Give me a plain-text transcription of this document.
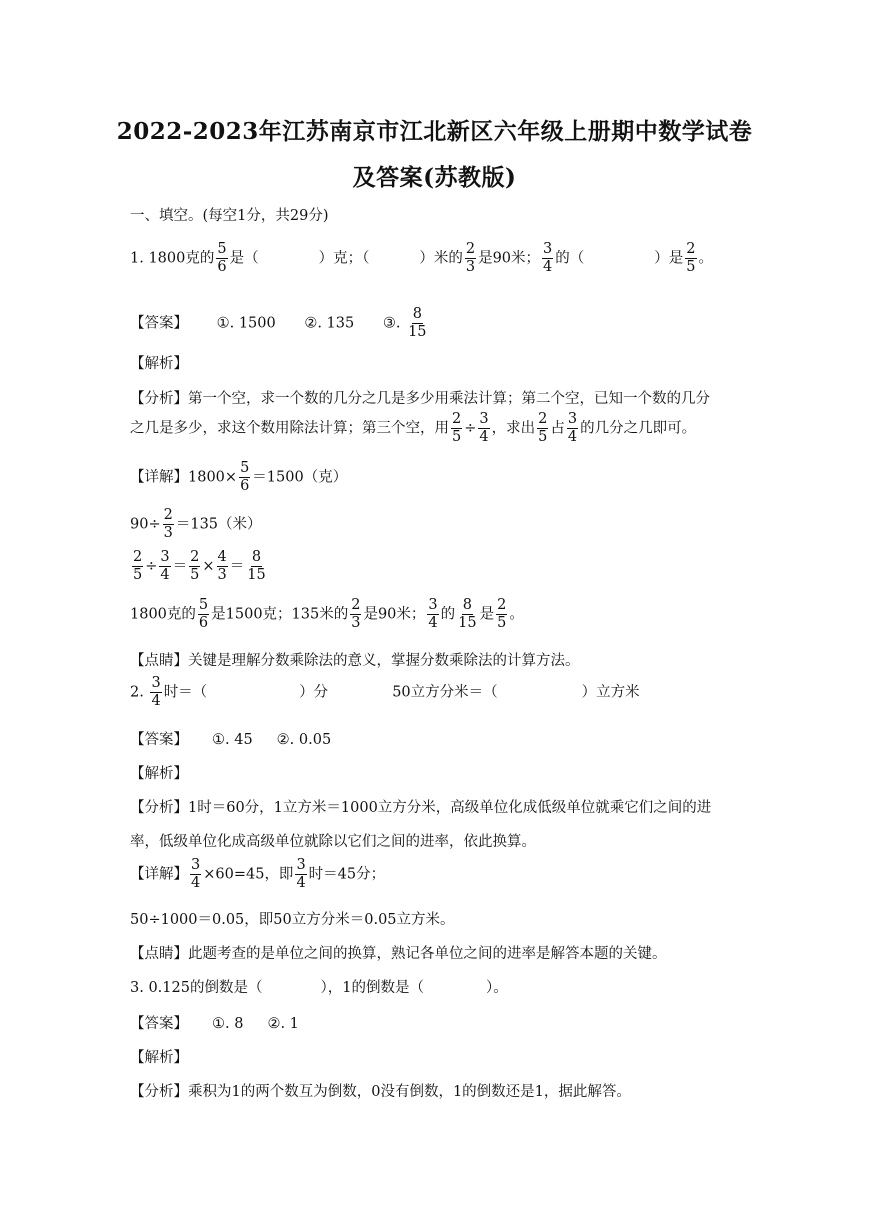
2022-2023年江苏南京市江北新区六年级上册期中数学试卷
及答案(苏教版)
一、填空。(每空1分，共29分)
1. 1800克的 $\frac{5}{6}$ 是（	）克；（	）米的 $\frac{2}{3}$ 是90米； $\frac{3}{4}$ 的（	）是 $\frac{2}{5}$ 。
【答案】 ①. 1500 ②. 135 ③. $\frac{8}{15}$
【解析】
【分析】第一个空，求一个数的几分之几是多少用乘法计算；第二个空，已知一个数的几分
之几是多少，求这个数用除法计算；第三个空，用 $\frac{2}{5} \div \frac{3}{4}$ ，求出 $\frac{2}{5}$ 占 $\frac{3}{4}$ 的几分之几即可。
【详解】$1800\times \frac{5}{6} =1500$（克）
$90\div \frac{2}{3} =135$（米）
$\frac{2}{5} \div \frac{3}{4} = \frac{2}{5} \times \frac{4}{3} = \frac{8}{15}$
1800克的 $\frac{5}{6}$ 是1500克；135米的 $\frac{2}{3}$ 是90米； $\frac{3}{4}$ 的 $\frac{8}{15}$ 是 $\frac{2}{5}$ 。
【点睛】关键是理解分数乘除法的意义，掌握分数乘除法的计算方法。
2. $\frac{3}{4}$ 时＝（	）分	50立方分米＝（	）立方米
【答案】 ①. 45 ②. 0.05
【解析】
【分析】1时＝60分，1立方米＝1000立方分米，高级单位化成低级单位就乘它们之间的进
率，低级单位化成高级单位就除以它们之间的进率，依此换算。
【详解】 $\frac{3}{4} \times 60=45$，即 $\frac{3}{4}$ 时＝45分；
50÷1000＝0.05，即50立方分米＝0.05立方米。
【点睛】此题考查的是单位之间的换算，熟记各单位之间的进率是解答本题的关键。
3. 0.125的倒数是（	），1的倒数是（	）。
【答案】 ①. 8 ②. 1
【解析】
【分析】乘积为1的两个数互为倒数，0没有倒数，1的倒数还是1，据此解答。
